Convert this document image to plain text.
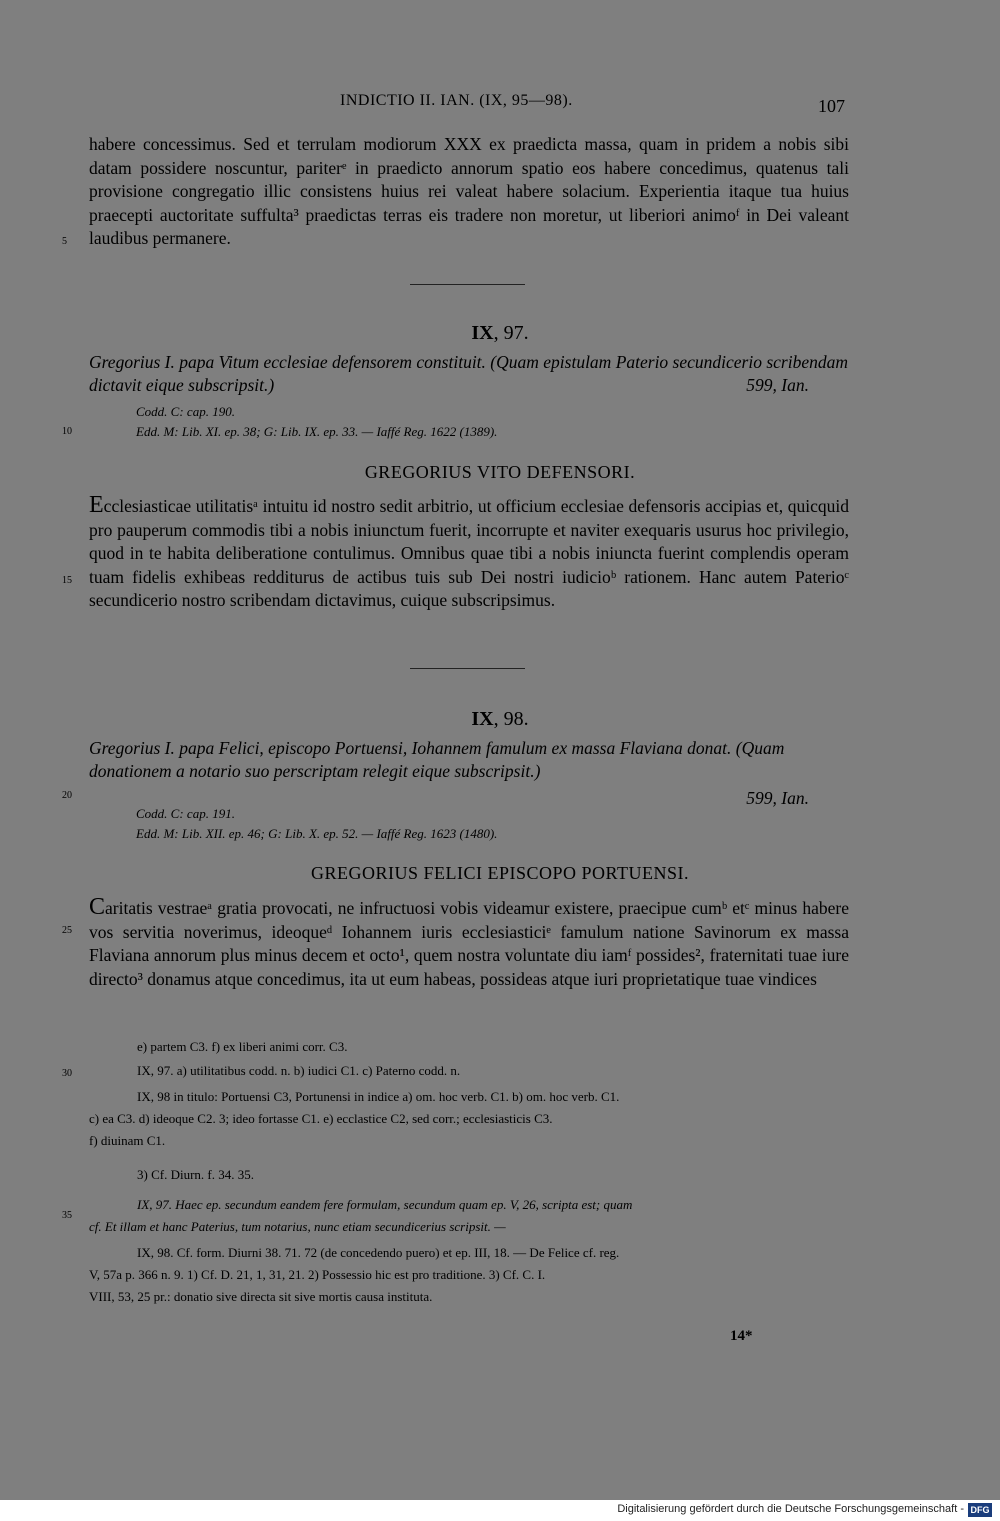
INDICTIO II. IAN. (IX, 95—98).	107
5
10
15
20
25
30
35

habere concessimus. Sed et terrulam modiorum XXX ex praedicta massa, quam in pridem a nobis sibi datam possidere noscuntur, pariterᵉ in praedicto annorum spatio eos habere concedimus, quatenus tali provisione congregatio illic consistens huius rei valeat habere solacium. Experientia itaque tua huius praecepti auctoritate suffulta³ praedictas terras eis tradere non moretur, ut liberiori animoᶠ in Dei valeant laudibus permanere.

IX, 97.
Gregorius I. papa Vitum ecclesiae defensorem constituit. (Quam epistulam Paterio secundicerio scribendam dictavit eique subscripsit.)	599, Ian.
Codd. C: cap. 190.
Edd. M: Lib. XI. ep. 38; G: Lib. IX. ep. 33. — Iaffé Reg. 1622 (1389).
GREGORIUS VITO DEFENSORI.

Ecclesiasticae utilitatisᵃ intuitu id nostro sedit arbitrio, ut officium ecclesiae defensoris accipias et, quicquid pro pauperum commodis tibi a nobis iniunctum fuerit, incorrupte et naviter exequaris usurus hoc privilegio, quod in te habita deliberatione contulimus. Omnibus quae tibi a nobis iniuncta fuerint complendis operam tuam fidelis exhibeas redditurus de actibus tuis sub Dei nostri iudicioᵇ rationem. Hanc autem Paterioᶜ secundicerio nostro scribendam dictavimus, cuique subscripsimus.

IX, 98.
Gregorius I. papa Felici, episcopo Portuensi, Iohannem famulum ex massa Flaviana donat. (Quam donationem a notario suo perscriptam relegit eique subscripsit.)
599, Ian.
Codd. C: cap. 191.
Edd. M: Lib. XII. ep. 46; G: Lib. X. ep. 52. — Iaffé Reg. 1623 (1480).
GREGORIUS FELICI EPISCOPO PORTUENSI.

Caritatis vestraeᵃ gratia provocati, ne infructuosi vobis videamur existere, praecipue cumᵇ etᶜ minus habere vos servitia noverimus, ideoqueᵈ Iohannem iuris ecclesiasticiᵉ famulum natione Savinorum ex massa Flaviana annorum plus minus decem et octo¹, quem nostra voluntate diu iamᶠ possides², fraternitati tuae iure directo³ donamus atque concedimus, ita ut eum habeas, possideas atque iuri proprietatique tuae vindices

e) partem C3. f) ex liberi animi corr. C3.
IX, 97. a) utilitatibus codd. n. b) iudici C1. c) Paterno codd. n.
IX, 98 in titulo: Portuensi C3, Portunensi in indice a) om. hoc verb. C1. b) om. hoc verb. C1.
c) ea C3. d) ideoque C2. 3; ideo fortasse C1. e) ecclastice C2, sed corr.; ecclesiasticis C3.
f) diuinam C1.
3) Cf. Diurn. f. 34. 35.
IX, 97. Haec ep. secundum eandem fere formulam, secundum quam ep. V, 26, scripta est; quam
cf. Et illam et hanc Paterius, tum notarius, nunc etiam secundicerius scripsit. —
IX, 98. Cf. form. Diurni 38. 71. 72 (de concedendo puero) et ep. III, 18. — De Felice cf. reg.
V, 57a p. 366 n. 9. 1) Cf. D. 21, 1, 31, 21. 2) Possessio hic est pro traditione. 3) Cf. C. I.
VIII, 53, 25 pr.: donatio sive directa sit sive mortis causa instituta.
14*
Digitalisierung gefördert durch die Deutsche Forschungsgemeinschaft - DFG
